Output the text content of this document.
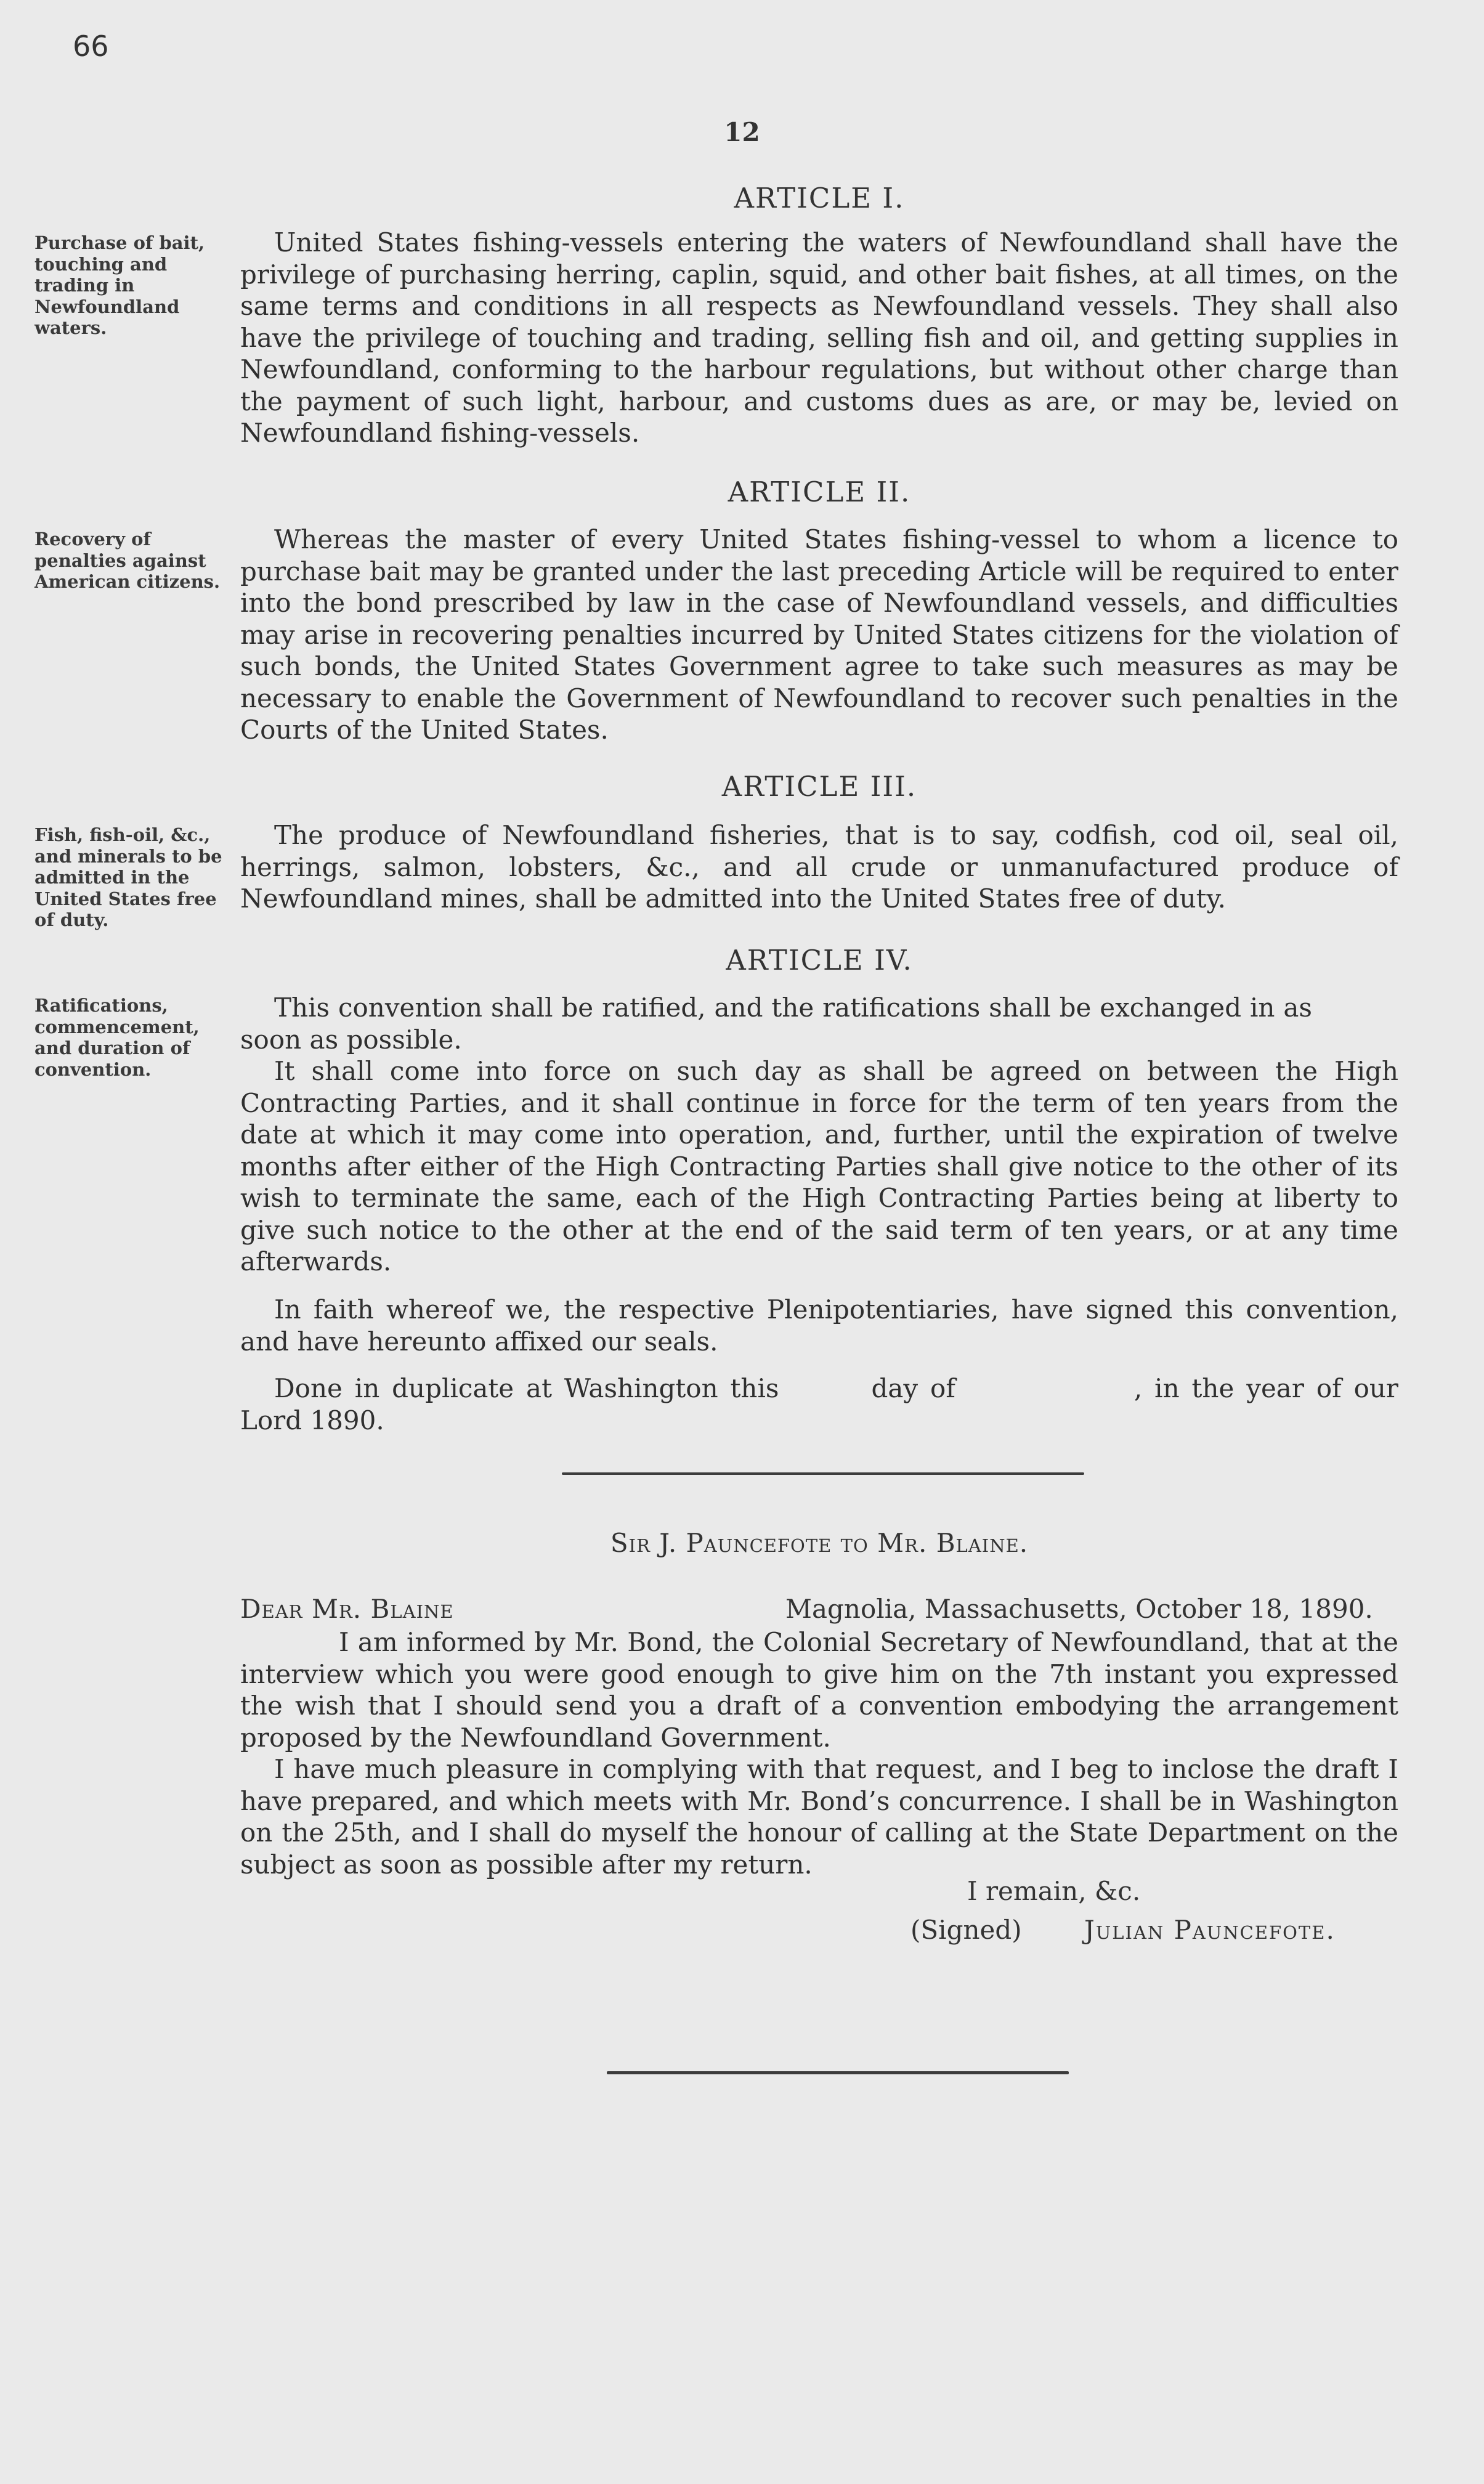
66
12
ARTICLE I.
Purchase of bait, touching and trading in Newfoundland waters.

United States fishing-vessels entering the waters of Newfoundland shall have the privilege of purchasing herring, caplin, squid, and other bait fishes, at all times, on the same terms and conditions in all respects as Newfoundland vessels. They shall also have the privilege of touching and trading, selling fish and oil, and getting supplies in Newfoundland, conforming to the harbour regulations, but without other charge than the payment of such light, harbour, and customs dues as are, or may be, levied on Newfoundland fishing-vessels.

ARTICLE II.
Recovery of penalties against American citizens.

Whereas the master of every United States fishing-vessel to whom a licence to purchase bait may be granted under the last preceding Article will be required to enter into the bond prescribed by law in the case of Newfoundland vessels, and difficulties may arise in recovering penalties incurred by United States citizens for the violation of such bonds, the United States Government agree to take such measures as may be necessary to enable the Government of Newfoundland to recover such penalties in the Courts of the United States.

ARTICLE III.
Fish, fish-oil, &c., and minerals to be admitted in the United States free of duty.

The produce of Newfoundland fisheries, that is to say, codfish, cod oil, seal oil, herrings, salmon, lobsters, &c., and all crude or unmanufactured produce of Newfoundland mines, shall be admitted into the United States free of duty.

ARTICLE IV.
Ratifications, commencement, and duration of convention.

This convention shall be ratified, and the ratifications shall be exchanged in as soon as possible.

It shall come into force on such day as shall be agreed on between the High Contracting Parties, and it shall continue in force for the term of ten years from the date at which it may come into operation, and, further, until the expiration of twelve months after either of the High Contracting Parties shall give notice to the other of its wish to terminate the same, each of the High Contracting Parties being at liberty to give such notice to the other at the end of the said term of ten years, or at any time afterwards.

In faith whereof we, the respective Plenipotentiaries, have signed this convention, and have hereunto affixed our seals.

Done in duplicate at Washington this	day of	, in the year of our Lord 1890.

Sir J. Pauncefote to Mr. Blaine.
Dear Mr. Blaine	Magnolia, Massachusetts, October 18, 1890.

I am informed by Mr. Bond, the Colonial Secretary of Newfoundland, that at the interview which you were good enough to give him on the 7th instant you expressed the wish that I should send you a draft of a convention embodying the arrangement proposed by the Newfoundland Government.

I have much pleasure in complying with that request, and I beg to inclose the draft I have prepared, and which meets with Mr. Bond’s concurrence. I shall be in Washington on the 25th, and I shall do myself the honour of calling at the State Department on the subject as soon as possible after my return.

I remain, &c.
(Signed) Julian Pauncefote.
